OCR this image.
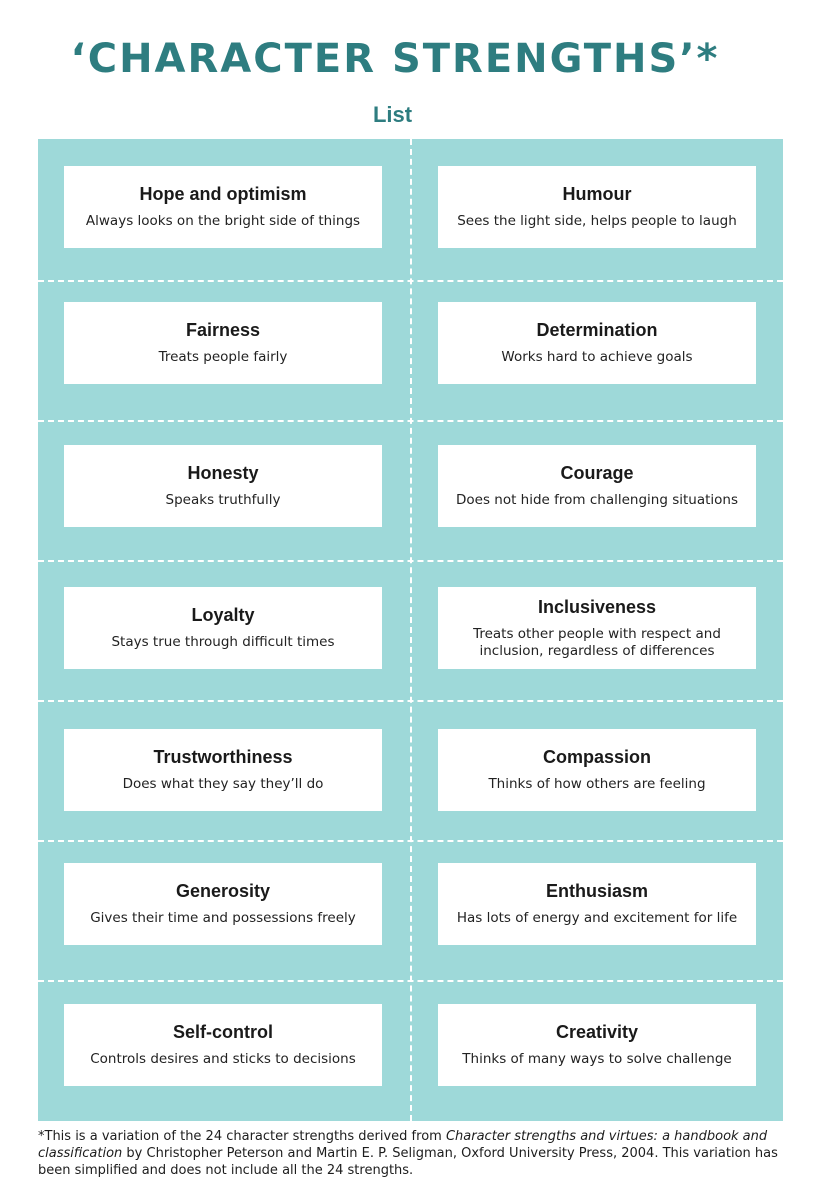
‘CHARACTER STRENGTHS’*
List
Hope and optimism
Always looks on the bright side of things
Humour
Sees the light side, helps people to laugh
Fairness
Treats people fairly
Determination
Works hard to achieve goals
Honesty
Speaks truthfully
Courage
Does not hide from challenging situations
Loyalty
Stays true through difficult times
Inclusiveness
Treats other people with respect and inclusion, regardless of differences
Trustworthiness
Does what they say they’ll do
Compassion
Thinks of how others are feeling
Generosity
Gives their time and possessions freely
Enthusiasm
Has lots of energy and excitement for life
Self-control
Controls desires and sticks to decisions
Creativity
Thinks of many ways to solve challenge
*This is a variation of the 24 character strengths derived from Character strengths and virtues: a handbook and classification by Christopher Peterson and Martin E. P. Seligman, Oxford University Press, 2004. This variation has been simplified and does not include all the 24 strengths.
